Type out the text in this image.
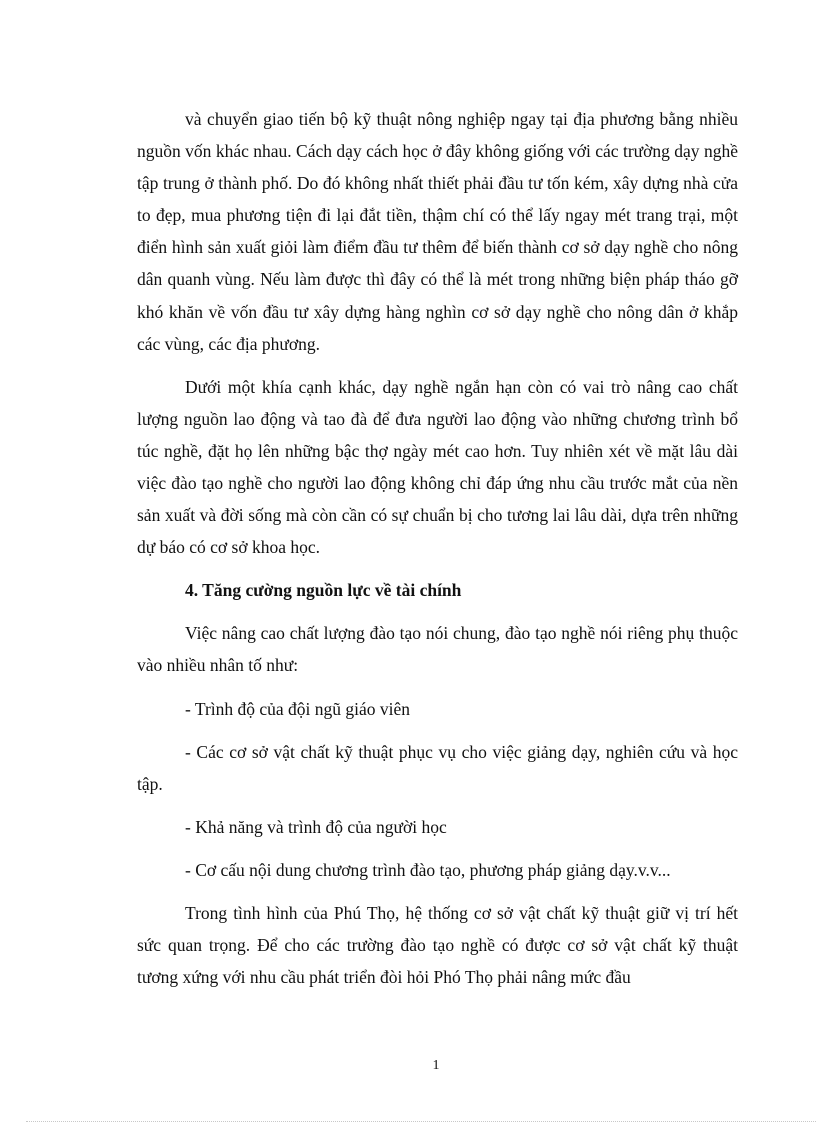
và chuyển giao tiến bộ kỹ thuật nông nghiệp ngay tại địa phương bằng nhiều nguồn vốn khác nhau. Cách dạy cách học ở đây không giống với các trường dạy nghề tập trung ở thành phố. Do đó không nhất thiết phải đầu tư tốn kém, xây dựng nhà cửa to đẹp, mua phương tiện đi lại đắt tiền, thậm chí có thể lấy ngay mét trang trại, một điển hình sản xuất giỏi làm điểm đầu tư thêm để biến thành cơ sở dạy nghề cho nông dân quanh vùng. Nếu làm được thì đây có thể là mét trong những biện pháp tháo gỡ khó khăn về vốn đầu tư xây dựng hàng nghìn cơ sở dạy nghề cho nông dân ở khắp các vùng, các địa phương.

Dưới một khía cạnh khác, dạy nghề ngắn hạn còn có vai trò nâng cao chất lượng nguồn lao động và tao đà để đưa người lao động vào những chương trình bổ túc nghề, đặt họ lên những bậc thợ ngày mét cao hơn. Tuy nhiên xét về mặt lâu dài việc đào tạo nghề cho người lao động không chỉ đáp ứng nhu cầu trước mắt của nền sản xuất và đời sống mà còn cần có sự chuẩn bị cho tương lai lâu dài, dựa trên những dự báo có cơ sở khoa học.

4. Tăng cường nguồn lực về tài chính

Việc nâng cao chất lượng đào tạo nói chung, đào tạo nghề nói riêng phụ thuộc vào nhiều nhân tố như:

- Trình độ của đội ngũ giáo viên

- Các cơ sở vật chất kỹ thuật phục vụ cho việc giảng dạy, nghiên cứu và học tập.

- Khả năng và trình độ của người học

- Cơ cấu nội dung chương trình đào tạo, phương pháp giảng dạy.v.v...

Trong tình hình của Phú Thọ, hệ thống cơ sở vật chất kỹ thuật giữ vị trí hết sức quan trọng. Để cho các trường đào tạo nghề có được cơ sở vật chất kỹ thuật tương xứng với nhu cầu phát triển đòi hỏi Phó Thọ phải nâng mức đầu

1
